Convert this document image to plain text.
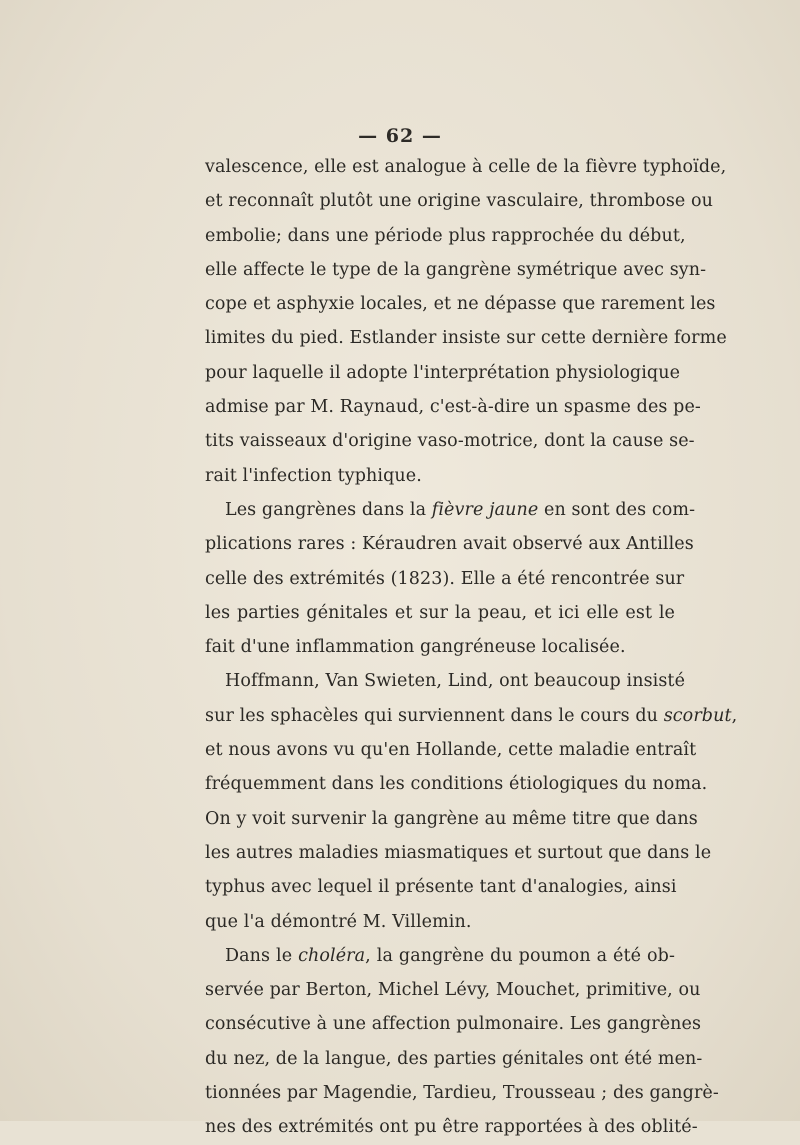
— 62 —
valescence, elle est analogue à celle de la fièvre typhoïde,
et reconnaît plutôt une origine vasculaire, thrombose ou
embolie; dans une période plus rapprochée du début,
elle affecte le type de la gangrène symétrique avec syn-
cope et asphyxie locales, et ne dépasse que rarement les
limites du pied. Estlander insiste sur cette dernière forme
pour laquelle il adopte l'interprétation physiologique
admise par M. Raynaud, c'est-à-dire un spasme des pe-
tits vaisseaux d'origine vaso-motrice, dont la cause se-
rait l'infection typhique.
Les gangrènes dans la fièvre jaune en sont des com-
plications rares : Kéraudren avait observé aux Antilles
celle des extrémités (1823). Elle a été rencontrée sur
les parties génitales et sur la peau, et ici elle est le
fait d'une inflammation gangréneuse localisée.
Hoffmann, Van Swieten, Lind, ont beaucoup insisté
sur les sphacèles qui surviennent dans le cours du scorbut,
et nous avons vu qu'en Hollande, cette maladie entraît
fréquemment dans les conditions étiologiques du noma.
On y voit survenir la gangrène au même titre que dans
les autres maladies miasmatiques et surtout que dans le
typhus avec lequel il présente tant d'analogies, ainsi
que l'a démontré M. Villemin.
Dans le choléra, la gangrène du poumon a été ob-
servée par Berton, Michel Lévy, Mouchet, primitive, ou
consécutive à une affection pulmonaire. Les gangrènes
du nez, de la langue, des parties génitales ont été men-
tionnées par Magendie, Tardieu, Trousseau ; des gangrè-
nes des extrémités ont pu être rapportées à des oblité-
